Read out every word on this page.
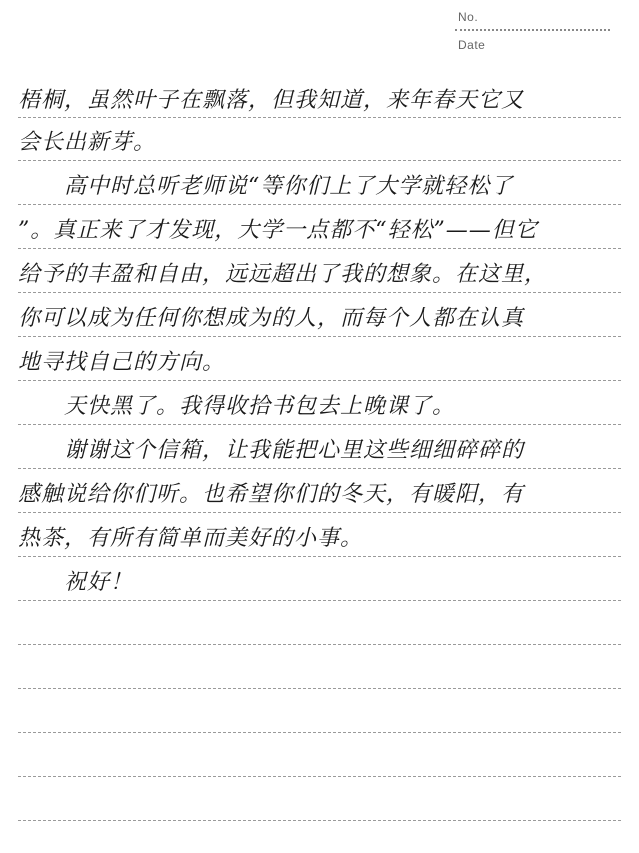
No.
Date
梧桐，虽然叶子在飘落，但我知道，来年春天它又
会长出新芽。
　　高中时总听老师说“等你们上了大学就轻松了
”。真正来了才发现，大学一点都不“轻松”——但它
给予的丰盈和自由，远远超出了我的想象。在这里，
你可以成为任何你想成为的人，而每个人都在认真
地寻找自己的方向。
　　天快黑了。我得收拾书包去上晚课了。
　　谢谢这个信箱，让我能把心里这些细细碎碎的
感触说给你们听。也希望你们的冬天，有暖阳，有
热茶，有所有简单而美好的小事。
　　祝好！
